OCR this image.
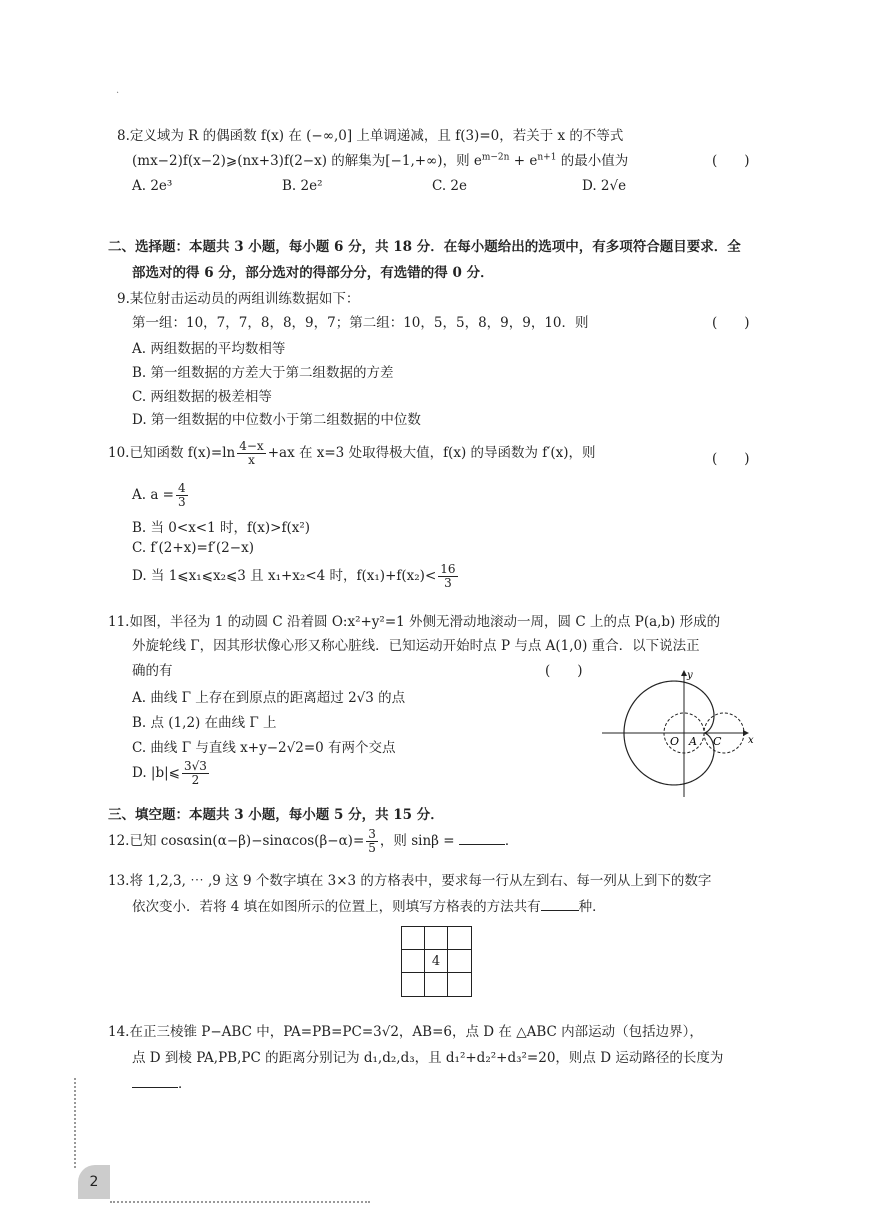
·
8.定义域为 R 的偶函数 f(x) 在 (−∞,0] 上单调递减，且 f(3)=0，若关于 x 的不等式
(mx−2)f(x−2)⩾(nx+3)f(2−x) 的解集为[−1,+∞)，则 $e^{m-2n} + e^{n+1}$ 的最小值为	(　　)
A. 2e³	B. 2e²	C. 2e	D. 2√e
二、选择题：本题共 3 小题，每小题 6 分，共 18 分．在每小题给出的选项中，有多项符合题目要求．全
部选对的得 6 分，部分选对的得部分分，有选错的得 0 分．
9.某位射击运动员的两组训练数据如下：
第一组：10，7，7，8，8，9，7；第二组：10，5，5，8，9，9，10．则	(　　)
A. 两组数据的平均数相等
B. 第一组数据的方差大于第二组数据的方差
C. 两组数据的极差相等
D. 第一组数据的中位数小于第二组数据的中位数
10.已知函数 $f(x)=\ln \frac{4-x}{x} +ax$ 在 x=3 处取得极大值，f(x) 的导函数为 f′(x)，则	(　　)
A. $a = \frac{4}{3}$
B. 当 0<x<1 时，f(x)>f(x²)
C. f′(2+x)=f′(2−x)
D. 当 1⩽x₁⩽x₂⩽3 且 x₁+x₂<4 时，$f(x_1)+f(x_2)< \frac{16}{3}$
11.如图，半径为 1 的动圆 C 沿着圆 O:x²+y²=1 外侧无滑动地滚动一周，圆 C 上的点 P(a,b) 形成的
外旋轮线 Γ，因其形状像心形又称心脏线．已知运动开始时点 P 与点 A(1,0) 重合．以下说法正
确的有	(　　)
A. 曲线 Γ 上存在到原点的距离超过 2√3 的点
B. 点 (1,2) 在曲线 Γ 上
C. 曲线 Γ 与直线 x+y−2√2=0 有两个交点
D. |b|⩽ $\frac{3√3}{2}$
y
x
O A C
三、填空题：本题共 3 小题，每小题 5 分，共 15 分．
12.已知 $\cos\alpha\sin(\alpha-\beta)-\sin\alpha\cos(\beta-\alpha)= \frac{3}{5}$ ，则 sinβ =	．
13.将 1,2,3, ⋯ ,9 这 9 个数字填在 3×3 的方格表中，要求每一行从左到右、每一列从上到下的数字
依次变小．若将 4 填在如图所示的位置上，则填写方格表的方法共有	种．
4
14.在正三棱锥 P−ABC 中，PA=PB=PC=3√2，AB=6，点 D 在 △ABC 内部运动（包括边界），
点 D 到棱 PA,PB,PC 的距离分别记为 d₁,d₂,d₃，且 d₁²+d₂²+d₃²=20，则点 D 运动路径的长度为
．
2
